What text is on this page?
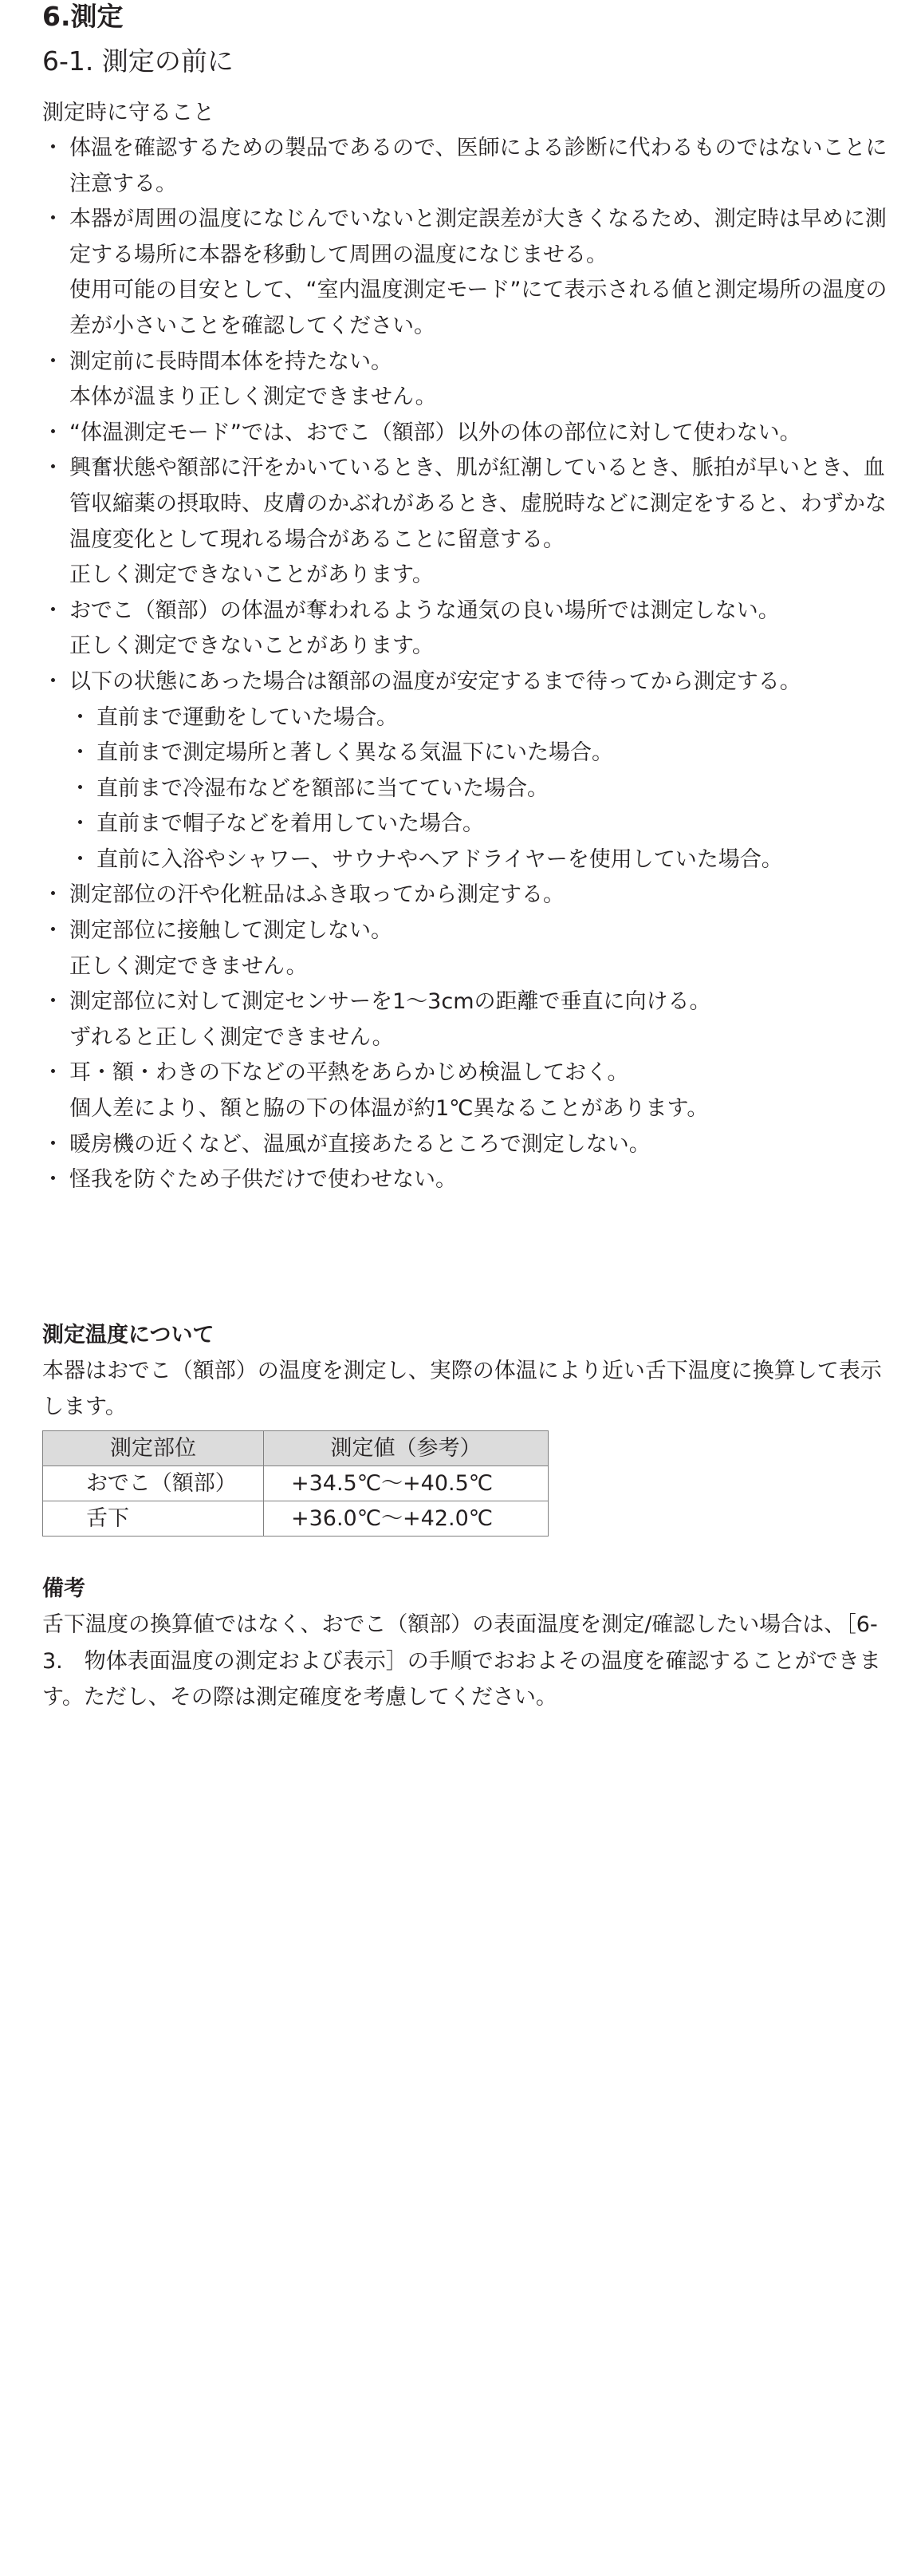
6.測定
6-1. 測定の前に

測定時に守ること

・ 体温を確認するための製品であるので、医師による診断に代わるものではないことに注意する。
・ 本器が周囲の温度になじんでいないと測定誤差が大きくなるため、測定時は早めに測定する場所に本器を移動して周囲の温度になじませる。
使用可能の目安として、“室内温度測定モード”にて表示される値と測定場所の温度の差が小さいことを確認してください。
・ 測定前に長時間本体を持たない。
本体が温まり正しく測定できません。
・ “体温測定モード”では、おでこ（額部）以外の体の部位に対して使わない。
・ 興奮状態や額部に汗をかいているとき、肌が紅潮しているとき、脈拍が早いとき、血管収縮薬の摂取時、皮膚のかぶれがあるとき、虚脱時などに測定をすると、わずかな温度変化として現れる場合があることに留意する。
正しく測定できないことがあります。
・ おでこ（額部）の体温が奪われるような通気の良い場所では測定しない。
正しく測定できないことがあります。
・ 以下の状態にあった場合は額部の温度が安定するまで待ってから測定する。
・ 直前まで運動をしていた場合。
・ 直前まで測定場所と著しく異なる気温下にいた場合。
・ 直前まで冷湿布などを額部に当てていた場合。
・ 直前まで帽子などを着用していた場合。
・ 直前に入浴やシャワー、サウナやヘアドライヤーを使用していた場合。
・ 測定部位の汗や化粧品はふき取ってから測定する。
・ 測定部位に接触して測定しない。
正しく測定できません。
・ 測定部位に対して測定センサーを1〜3cmの距離で垂直に向ける。
ずれると正しく測定できません。
・ 耳・額・わきの下などの平熱をあらかじめ検温しておく。
個人差により、額と脇の下の体温が約1℃異なることがあります。
・ 暖房機の近くなど、温風が直接あたるところで測定しない。
・ 怪我を防ぐため子供だけで使わせない。
測定温度について

本器はおでこ（額部）の温度を測定し、実際の体温により近い舌下温度に換算して表示します。

測定部位	測定値（参考）
おでこ（額部）	+34.5℃〜+40.5℃
舌下	+36.0℃〜+42.0℃
備考

舌下温度の換算値ではなく、おでこ（額部）の表面温度を測定/確認したい場合は、［6-3.　物体表面温度の測定および表示］の手順でおおよその温度を確認することができます。ただし、その際は測定確度を考慮してください。
